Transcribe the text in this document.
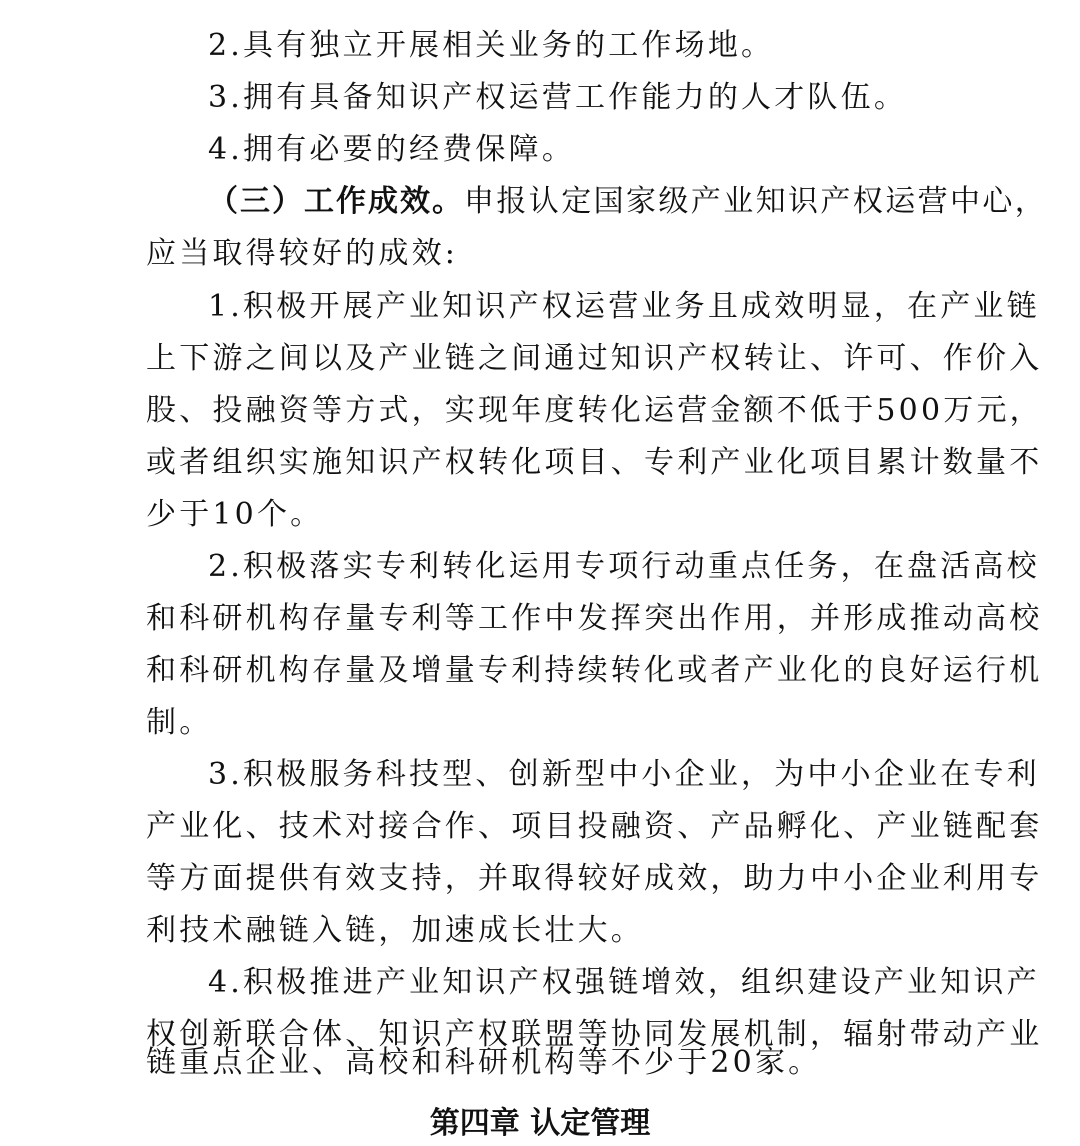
2.具有独立开展相关业务的工作场地。
3.拥有具备知识产权运营工作能力的人才队伍。
4.拥有必要的经费保障。
（三）工作成效。申报认定国家级产业知识产权运营中心，
应当取得较好的成效:
1.积极开展产业知识产权运营业务且成效明显，在产业链
上下游之间以及产业链之间通过知识产权转让、许可、作价入
股、投融资等方式，实现年度转化运营金额不低于500万元，
或者组织实施知识产权转化项目、专利产业化项目累计数量不
少于10个。
2.积极落实专利转化运用专项行动重点任务，在盘活高校
和科研机构存量专利等工作中发挥突出作用，并形成推动高校
和科研机构存量及增量专利持续转化或者产业化的良好运行机
制。
3.积极服务科技型、创新型中小企业，为中小企业在专利
产业化、技术对接合作、项目投融资、产品孵化、产业链配套
等方面提供有效支持，并取得较好成效，助力中小企业利用专
利技术融链入链，加速成长壮大。
4.积极推进产业知识产权强链增效，组织建设产业知识产
权创新联合体、知识产权联盟等协同发展机制，辐射带动产业
链重点企业、高校和科研机构等不少于20家。
第四章 认定管理
